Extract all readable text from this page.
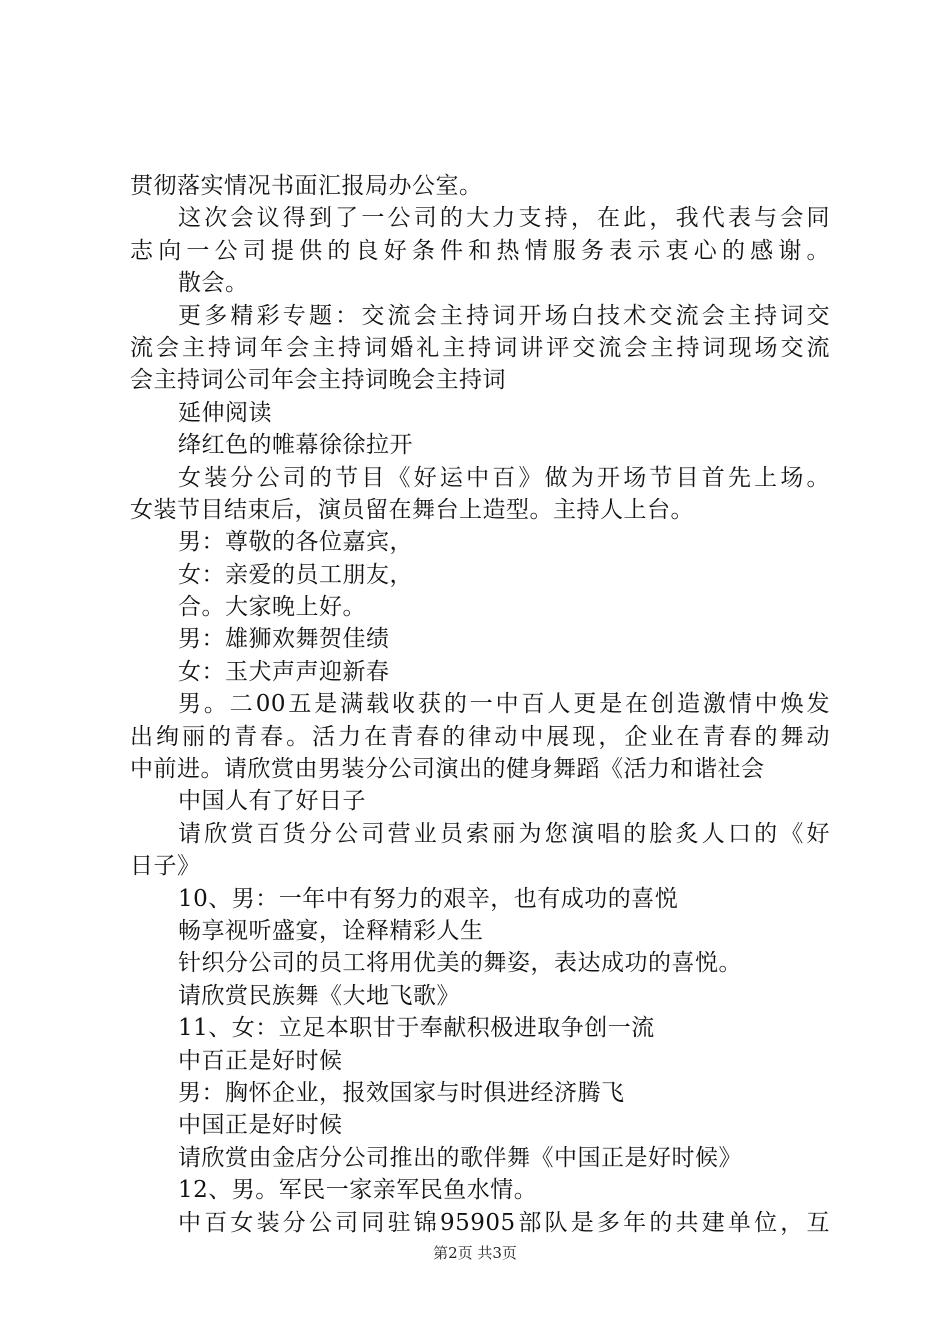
贯彻落实情况书面汇报局办公室。
这次会议得到了一公司的大力支持，在此，我代表与会同
志向一公司提供的良好条件和热情服务表示衷心的感谢。
散会。
更多精彩专题：交流会主持词开场白技术交流会主持词交
流会主持词年会主持词婚礼主持词讲评交流会主持词现场交流
会主持词公司年会主持词晚会主持词
延伸阅读
绛红色的帷幕徐徐拉开
女装分公司的节目《好运中百》做为开场节目首先上场。
女装节目结束后，演员留在舞台上造型。主持人上台。
男：尊敬的各位嘉宾，
女：亲爱的员工朋友，
合。大家晚上好。
男：雄狮欢舞贺佳绩
女：玉犬声声迎新春
男。二00五是满载收获的一中百人更是在创造激情中焕发
出绚丽的青春。活力在青春的律动中展现，企业在青春的舞动
中前进。请欣赏由男装分公司演出的健身舞蹈《活力和谐社会
中国人有了好日子
请欣赏百货分公司营业员索丽为您演唱的脍炙人口的《好
日子》
10、男：一年中有努力的艰辛，也有成功的喜悦
畅享视听盛宴，诠释精彩人生
针织分公司的员工将用优美的舞姿，表达成功的喜悦。
请欣赏民族舞《大地飞歌》
11、女：立足本职甘于奉献积极进取争创一流
中百正是好时候
男：胸怀企业，报效国家与时俱进经济腾飞
中国正是好时候
请欣赏由金店分公司推出的歌伴舞《中国正是好时候》
12、男。军民一家亲军民鱼水情。
中百女装分公司同驻锦95905部队是多年的共建单位，互
第2页 共3页
